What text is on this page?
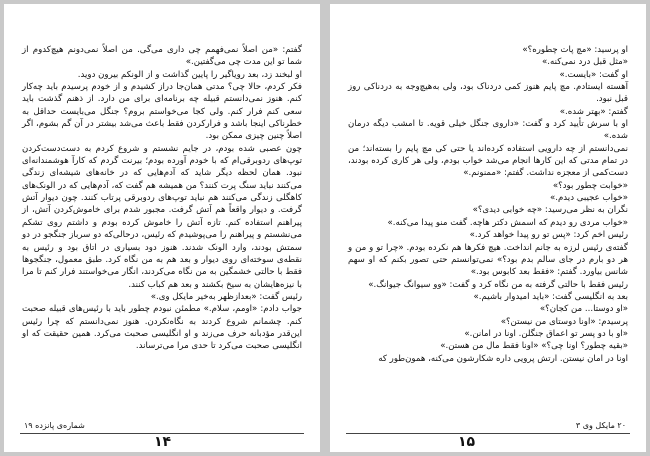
گفتم: «من اصلاً نمی‌فهمم چی داری می‌گی. من اصلاً نمی‌دونم هیچ‌کدوم از شما تو این مدت چی می‌گفتین.»

او لبخند زد، بعد رویاگیر را پایین گذاشت و از الونکم بیرون دوید.

فکر کردم، حالا چی؟ مدتی همان‌جا دراز کشیدم و از خودم پرسیدم باید چه‌کار کنم. هنوز نمی‌دانستم قبیله چه برنامه‌ای برای من دارد. از ذهنم گذشت باید سعی کنم فرار کنم. ولی کجا می‌خواستم بروم؟ جنگل می‌بایست حداقل به خطرناکی اینجا باشد و فرارکردن فقط باعث می‌شد بیشتر در آن گم بشوم، اگر اصلاً چنین چیزی ممکن بود.

چون عصبی شده بودم، در جایم نشستم و شروع کردم به دست‌دست‌کردن توپ‌های ردوبرقی‌ام که با خودم آورده بودم؛ بیرنت گردم که کارآ هوشمندانه‌ای نبود. همان لحظه دیگر شاید که آدم‌هایی که در خانه‌های شیشه‌ای زندگی می‌کنند نباید سنگ پرت کنند؟ من همیشه هم گفت که، آدم‌هایی که در الونک‌های کاهگلی زندگی می‌کنند هم نباید توپ‌های ردوبرقی پرتاب کنند. چون دیوار آتش گرفت. و دیوار واقعاً هم آتش گرفت. مجبور شدم برای خاموش‌کردن آتش، از پیراهنم استفاده کنم. تازه آتش را خاموش کرده بودم و داشتم روی تشکم می‌نشستم و پیراهنم را می‌پوشیدم که رئیس، درحالی‌که دو سرباز جنگجو در دو سمتش بودند، وارد الونک شدند. هنوز دود بسیاری در اتاق بود و رئیس به نقطه‌ی سوخته‌ای روی دیوار و بعد هم به من نگاه کرد. طبق معمول، جنگجوها فقط با حالتی خشمگین به من نگاه می‌کردند، انگار می‌خواستند فرار کنم تا مرا با نیزه‌هایشان به سیخ بکشند و بعد هم کباب کنند.

رئیس گفت: «بعدازظهر به‌خیر مایکل وی.»

جواب دادم: «اومم، سلام.» مطمئن نبودم چطور باید با رئیس‌های قبیله صحبت کنم. چشمانم شروع کردند به نگاه‌نکردن. هنوز نمی‌دانستم که چرا رئیس این‌قدر مؤدبانه حرف می‌زند و او انگلیسی صحبت می‌کرد. همین حقیقت که او انگلیسی صحبت می‌کرد تا حدی مرا می‌ترساند.

شماره‌ی پانزده ۱۹
۱۴

او پرسید: «مچ پات چطوره؟»

«مثل قبل درد نمی‌کنه.»

او گفت: «بایست.»

آهسته ایستادم. مچ پایم هنوز کمی دردناک بود، ولی به‌هیچ‌وجه به دردناکی روز قبل نبود.

گفتم: «بهتر شده.»

او با سرش تأیید کرد و گفت: «داروی جنگل خیلی قویه. تا امشب دیگه درمان شده.»

نمی‌دانستم از چه دارویی استفاده کرده‌اند یا حتی کی مچ پایم را بسته‌اند؛ من در تمام مدتی که این کارها انجام می‌شد خواب بودم، ولی هر کاری کرده بودند، دست‌کمی از معجزه نداشت. گفتم: «ممنونم.»

«خوابت چطور بود؟»

«خواب عجیبی دیدم.»

نگران به نظر می‌رسید: «چه خوابی دیدی؟»

«خواب مردی رو دیدم که اسمش دکتر هاچه. گفت منو پیدا می‌کنه.»

رئیس اخم کرد: «پس تو رو پیدا خواهد کرد.»

گفته‌ی رئیس لرزه به جانم انداخت. هیچ فکرها هم نکرده بودم. «چرا تو و من و هر دو بارم در جای سالم بدم بود؟» نمی‌توانستم حتی تصور بکنم که او سهم شانس بیاورد. گفتم: «فقط بعد کابوس بود.»

رئیس فقط با حالتی گرفته به من نگاه کرد و گفت: «وو سیوانگ جیوانگ.»

بعد به انگلیسی گفت: «باید امیدوار باشیم.»

«او دوستا... من کجان؟»

پرسیدم: «اونا دوستای من نیستن؟»

«او با دو پسر تو اعماق جنگلن. اونا در امانن.»

«بقیه چطور؟ اونا چی؟» «اونا فقط مال من هستن.»

اونا در امان نیستن. ارتش پرویی داره شکارشون می‌کنه، همون‌طور که

۲۰ مایکل وی ۳
۱۵
